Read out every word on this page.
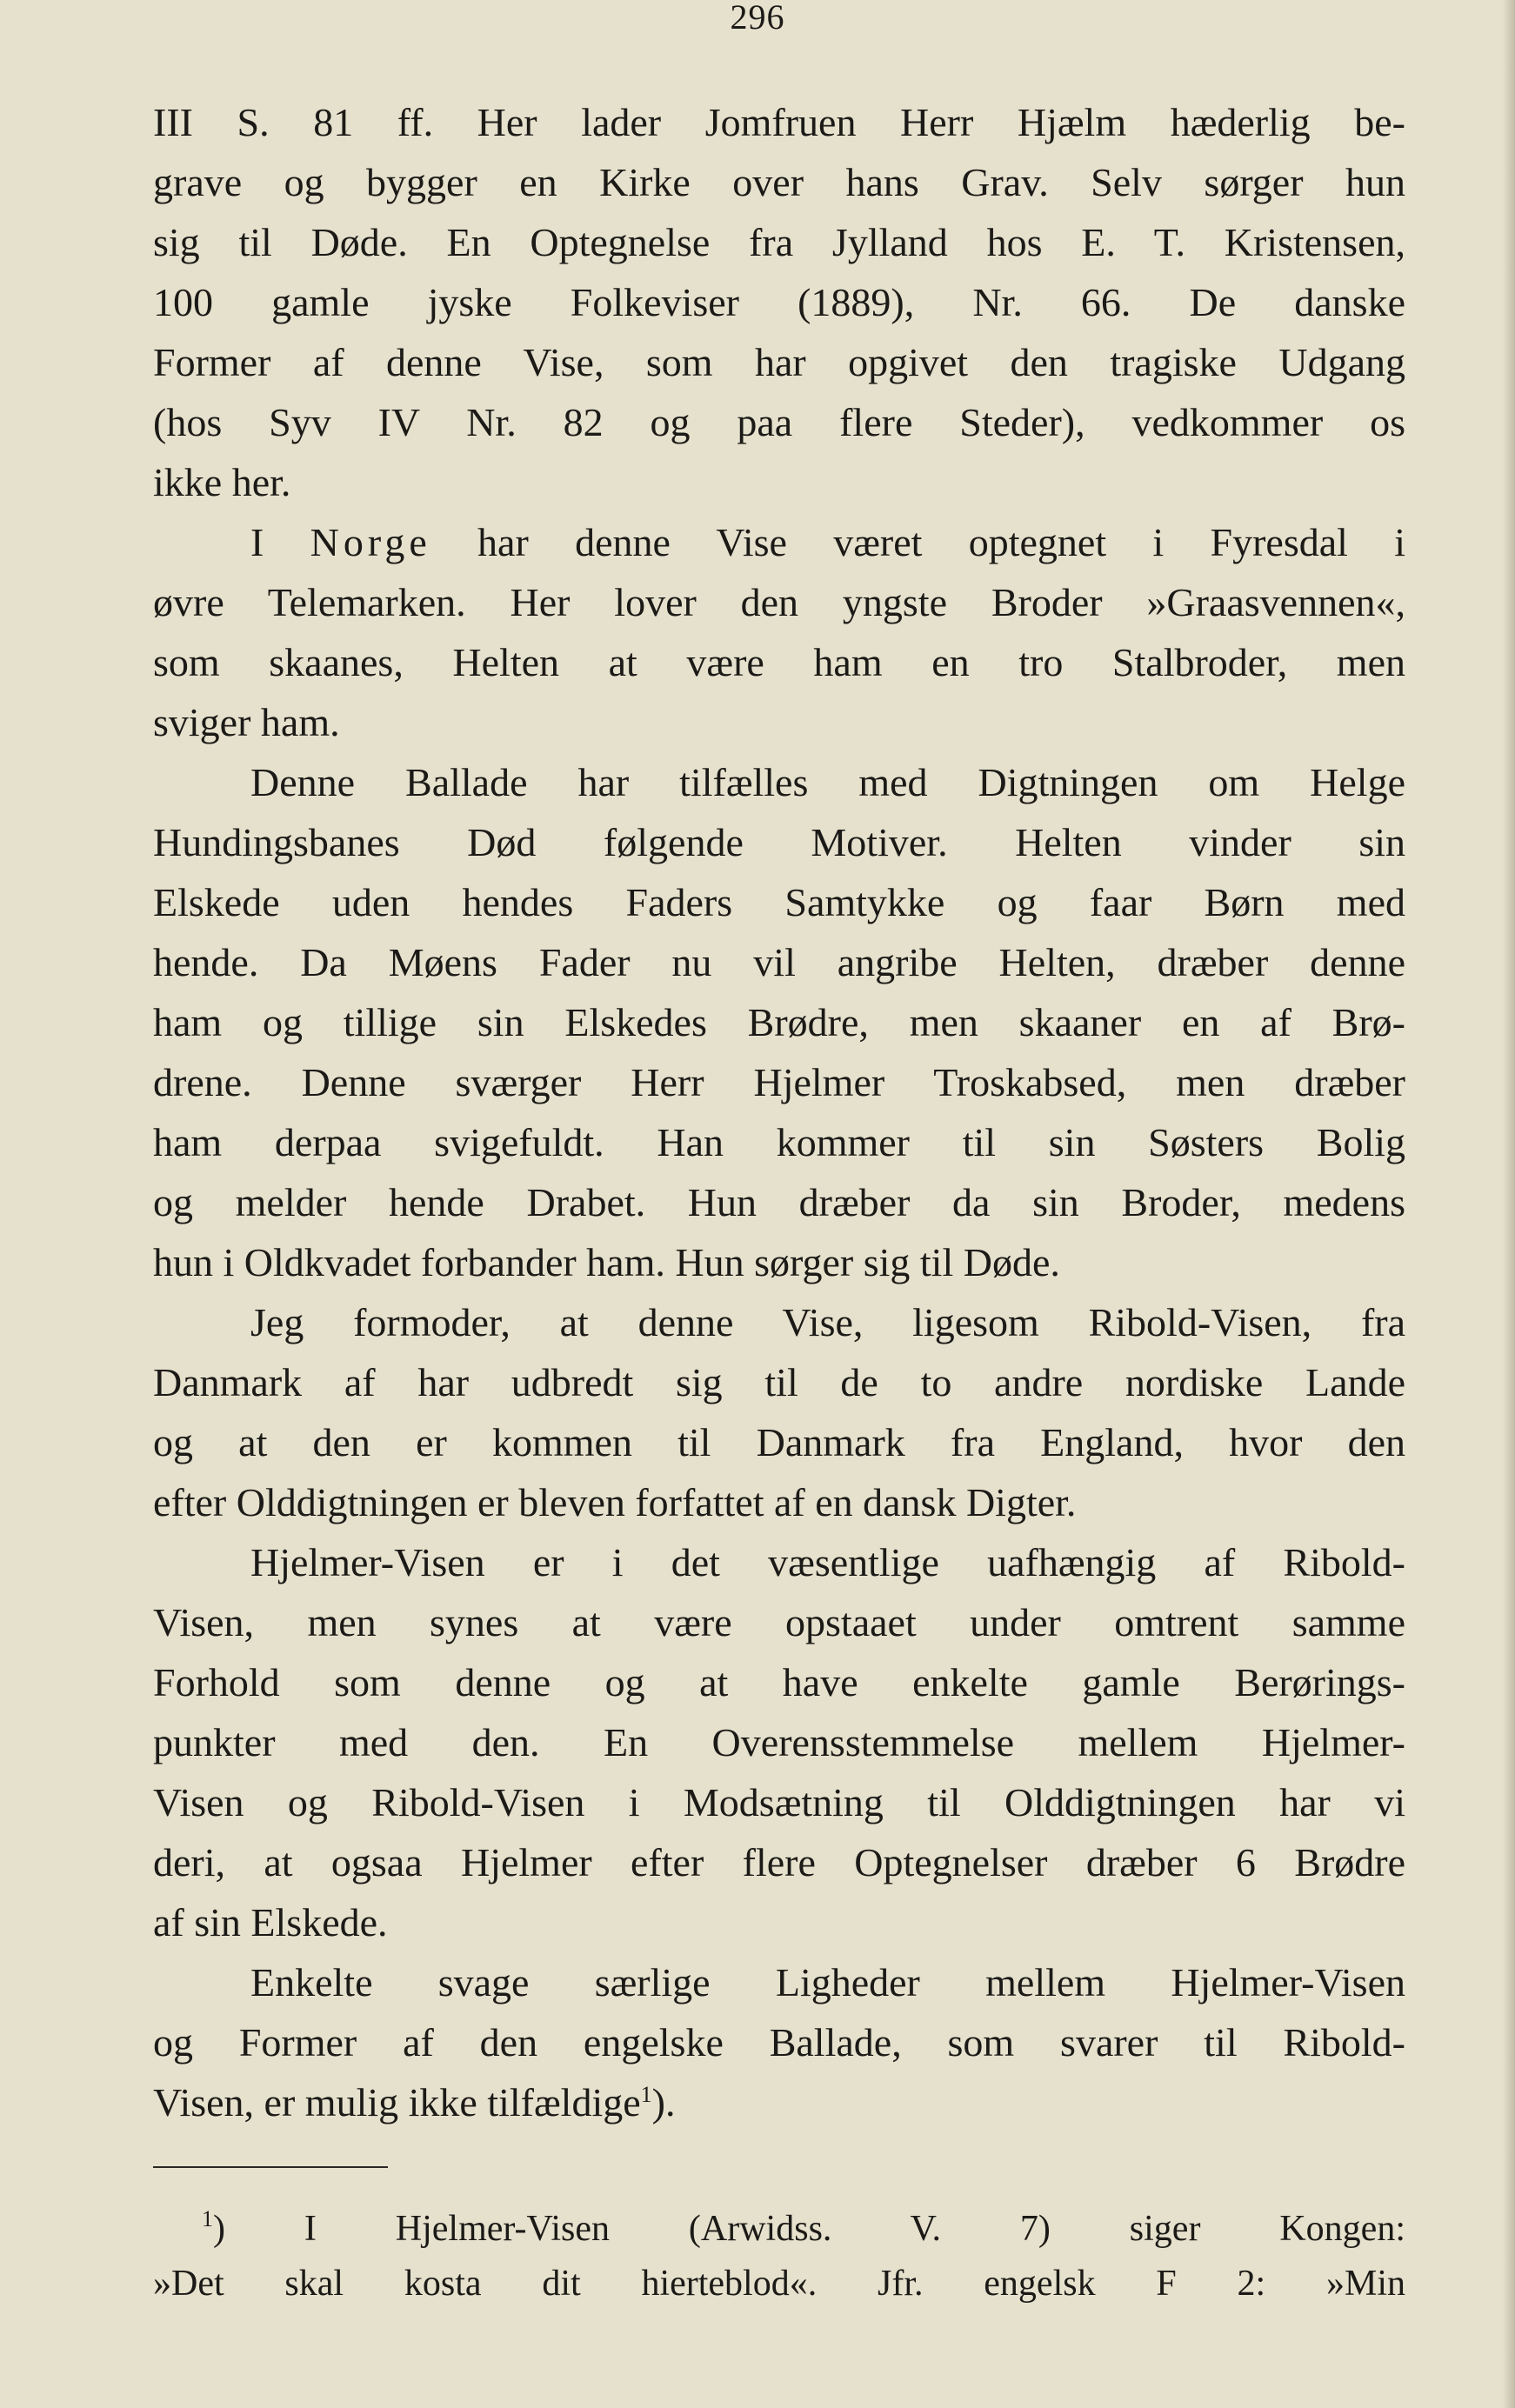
296
III S. 81 ff. Her lader Jomfruen Herr Hjælm hæderlig be-
grave og bygger en Kirke over hans Grav. Selv sørger hun
sig til Døde. En Optegnelse fra Jylland hos E. T. Kristensen,
100 gamle jyske Folkeviser (1889), Nr. 66. De danske
Former af denne Vise, som har opgivet den tragiske Udgang
(hos Syv IV Nr. 82 og paa flere Steder), vedkommer os
ikke her.
I Norge har denne Vise været optegnet i Fyresdal i
øvre Telemarken. Her lover den yngste Broder »Graasvennen«,
som skaanes, Helten at være ham en tro Stalbroder, men
sviger ham.
Denne Ballade har tilfælles med Digtningen om Helge
Hundingsbanes Død følgende Motiver. Helten vinder sin
Elskede uden hendes Faders Samtykke og faar Børn med
hende. Da Møens Fader nu vil angribe Helten, dræber denne
ham og tillige sin Elskedes Brødre, men skaaner en af Brø-
drene. Denne sværger Herr Hjelmer Troskabsed, men dræber
ham derpaa svigefuldt. Han kommer til sin Søsters Bolig
og melder hende Drabet. Hun dræber da sin Broder, medens
hun i Oldkvadet forbander ham. Hun sørger sig til Døde.
Jeg formoder, at denne Vise, ligesom Ribold-Visen, fra
Danmark af har udbredt sig til de to andre nordiske Lande
og at den er kommen til Danmark fra England, hvor den
efter Olddigtningen er bleven forfattet af en dansk Digter.
Hjelmer-Visen er i det væsentlige uafhængig af Ribold-
Visen, men synes at være opstaaet under omtrent samme
Forhold som denne og at have enkelte gamle Berørings-
punkter med den. En Overensstemmelse mellem Hjelmer-
Visen og Ribold-Visen i Modsætning til Olddigtningen har vi
deri, at ogsaa Hjelmer efter flere Optegnelser dræber 6 Brødre
af sin Elskede.
Enkelte svage særlige Ligheder mellem Hjelmer-Visen
og Former af den engelske Ballade, som svarer til Ribold-
Visen, er mulig ikke tilfældige$^1$).
$^1$) I Hjelmer-Visen (Arwidss. V. 7) siger Kongen:
»Det skal kosta dit hierteblod«. Jfr. engelsk F 2: »Min
